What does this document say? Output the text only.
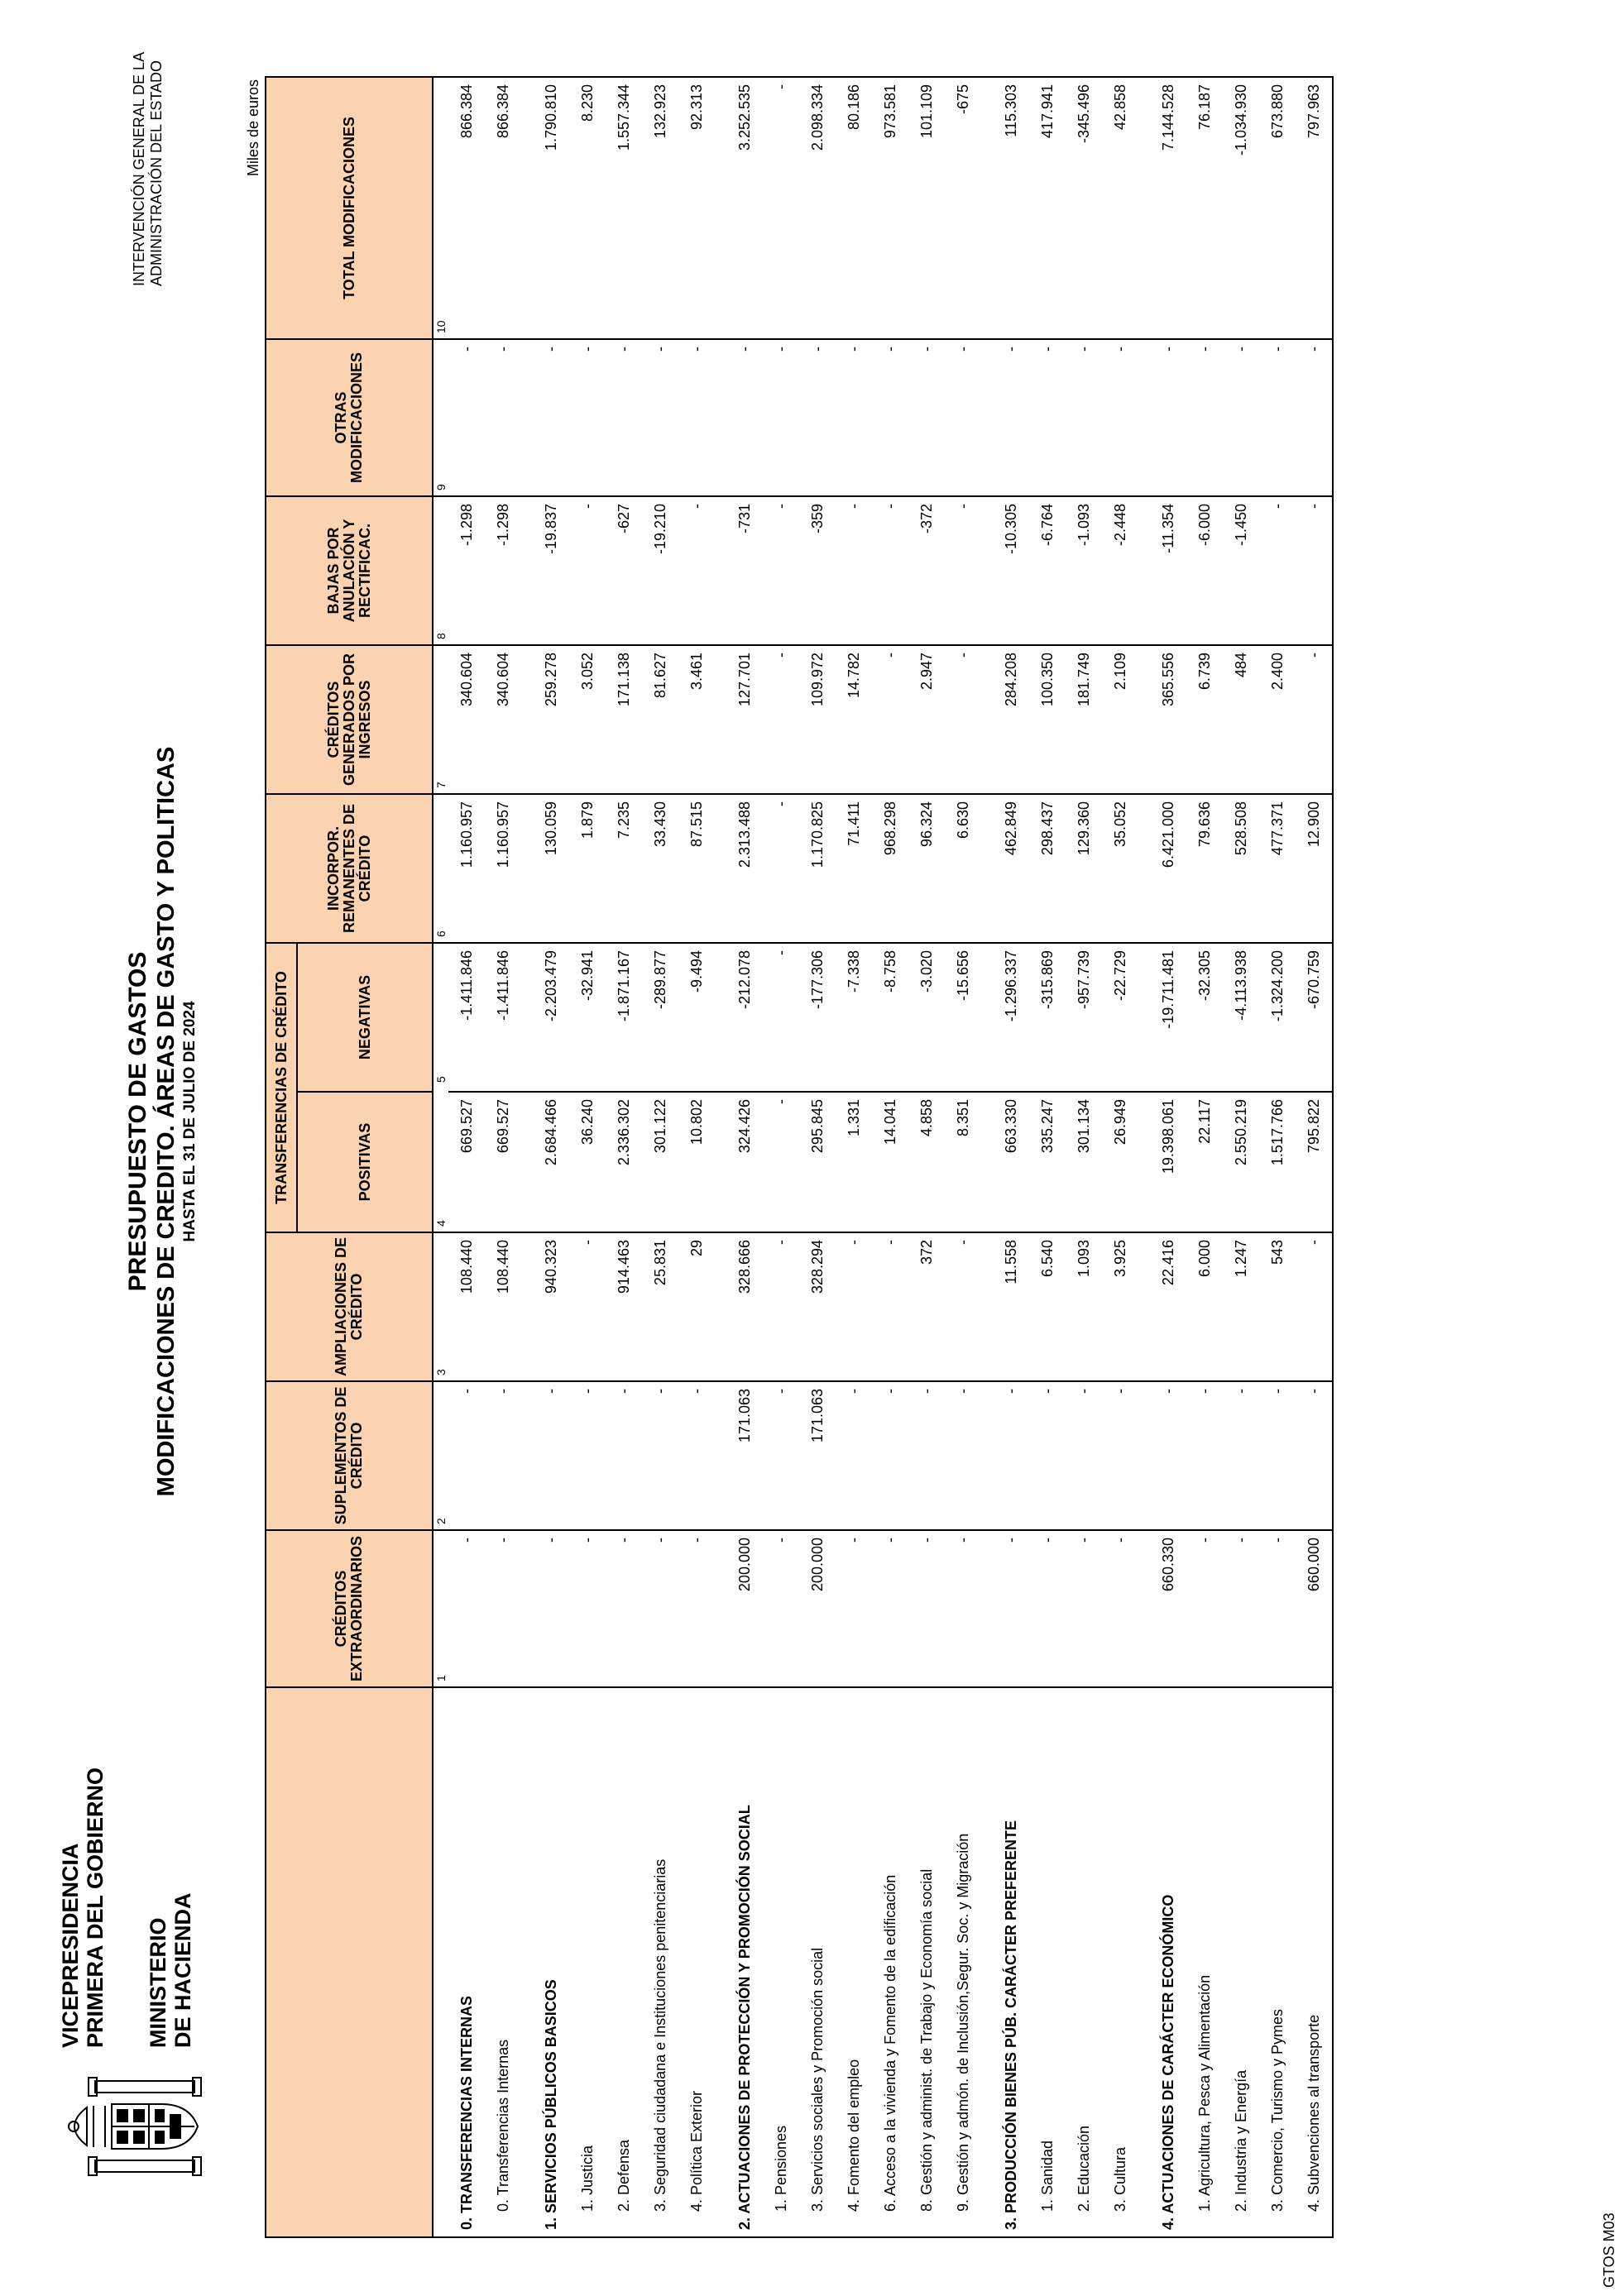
VICEPRESIDENCIA PRIMERA DEL GOBIERNO MINISTERIO DE HACIENDA
PRESUPUESTO DE GASTOS MODIFICACIONES DE CREDITO. ÁREAS DE GASTO Y POLITICAS HASTA EL 31 DE JULIO DE 2024
INTERVENCIÓN GENERAL DE LA ADMINISTRACIÓN DEL ESTADO	Miles de euros
	CRÉDITOS EXTRAORDINARIOS	SUPLEMENTOS DE CRÉDITO	AMPLIACIONES DE CRÉDITO	TRANSFERENCIAS DE CRÉDITO		INCORPOR. REMANENTES DE CRÉDITO	CRÉDITOS GENERADOS POR INGRESOS	BAJAS POR ANULACIÓN Y RECTIFICAC.	OTRAS MODIFICACIONES	TOTAL MODIFICACIONES
				POSITIVAS	NEGATIVAS					
	1	2	3	4
5		6	7	8	9	10
0. TRANSFERENCIAS INTERNAS	-	-	108.440	669.527	-1.411.846	1.160.957	340.604	-1.298	-	866.384
0. Transferencias Internas	-	-	108.440	669.527	-1.411.846	1.160.957	340.604	-1.298	-	866.384

1. SERVICIOS PÚBLICOS BASICOS	-	-	940.323	2.684.466	-2.203.479	130.059	259.278	-19.837	-	1.790.810
1. Justicia	-	-	-	36.240	-32.941	1.879	3.052	-	-	8.230
2. Defensa	-	-	914.463	2.336.302	-1.871.167	7.235	171.138	-627	-	1.557.344
3. Seguridad ciudadana e Instituciones penitenciarias	-	-	25.831	301.122	-289.877	33.430	81.627	-19.210	-	132.923
4. Política Exterior	-	-	29	10.802	-9.494	87.515	3.461	-	-	92.313

2. ACTUACIONES DE PROTECCIÓN Y PROMOCIÓN SOCIAL	200.000	171.063	328.666	324.426	-212.078	2.313.488	127.701	-731	-	3.252.535
1. Pensiones	-	-	-	-	-	-	-	-	-	-
3. Servicios sociales y Promoción social	200.000	171.063	328.294	295.845	-177.306	1.170.825	109.972	-359	-	2.098.334
4. Fomento del empleo	-	-	-	1.331	-7.338	71.411	14.782	-	-	80.186
6. Acceso a la vivienda y Fomento de la edificación	-	-	-	14.041	-8.758	968.298	-	-	-	973.581
8. Gestión y administ. de Trabajo y Economía social	-	-	372	4.858	-3.020	96.324	2.947	-372	-	101.109
9. Gestión y admón. de Inclusión,Segur. Soc. y Migración	-	-	-	8.351	-15.656	6.630	-	-	-	-675

3. PRODUCCIÓN BIENES PÚB. CARÁCTER PREFERENTE	-	-	11.558	663.330	-1.296.337	462.849	284.208	-10.305	-	115.303
1. Sanidad	-	-	6.540	335.247	-315.869	298.437	100.350	-6.764	-	417.941
2. Educación	-	-	1.093	301.134	-957.739	129.360	181.749	-1.093	-	-345.496
3. Cultura	-	-	3.925	26.949	-22.729	35.052	2.109	-2.448	-	42.858

4. ACTUACIONES DE CARÁCTER ECONÓMICO	660.330	-	22.416	19.398.061	-19.711.481	6.421.000	365.556	-11.354	-	7.144.528
1. Agricultura, Pesca y Alimentación	-	-	6.000	22.117	-32.305	79.636	6.739	-6.000	-	76.187
2. Industria y Energía	-	-	1.247	2.550.219	-4.113.938	528.508	484	-1.450	-	-1.034.930
3. Comercio, Turismo y Pymes	-	-	543	1.517.766	-1.324.200	477.371	2.400	-	-	673.880
4. Subvenciones al transporte	660.000	-	-	795.822	-670.759	12.900	-	-	-	797.963
GTOS M03
